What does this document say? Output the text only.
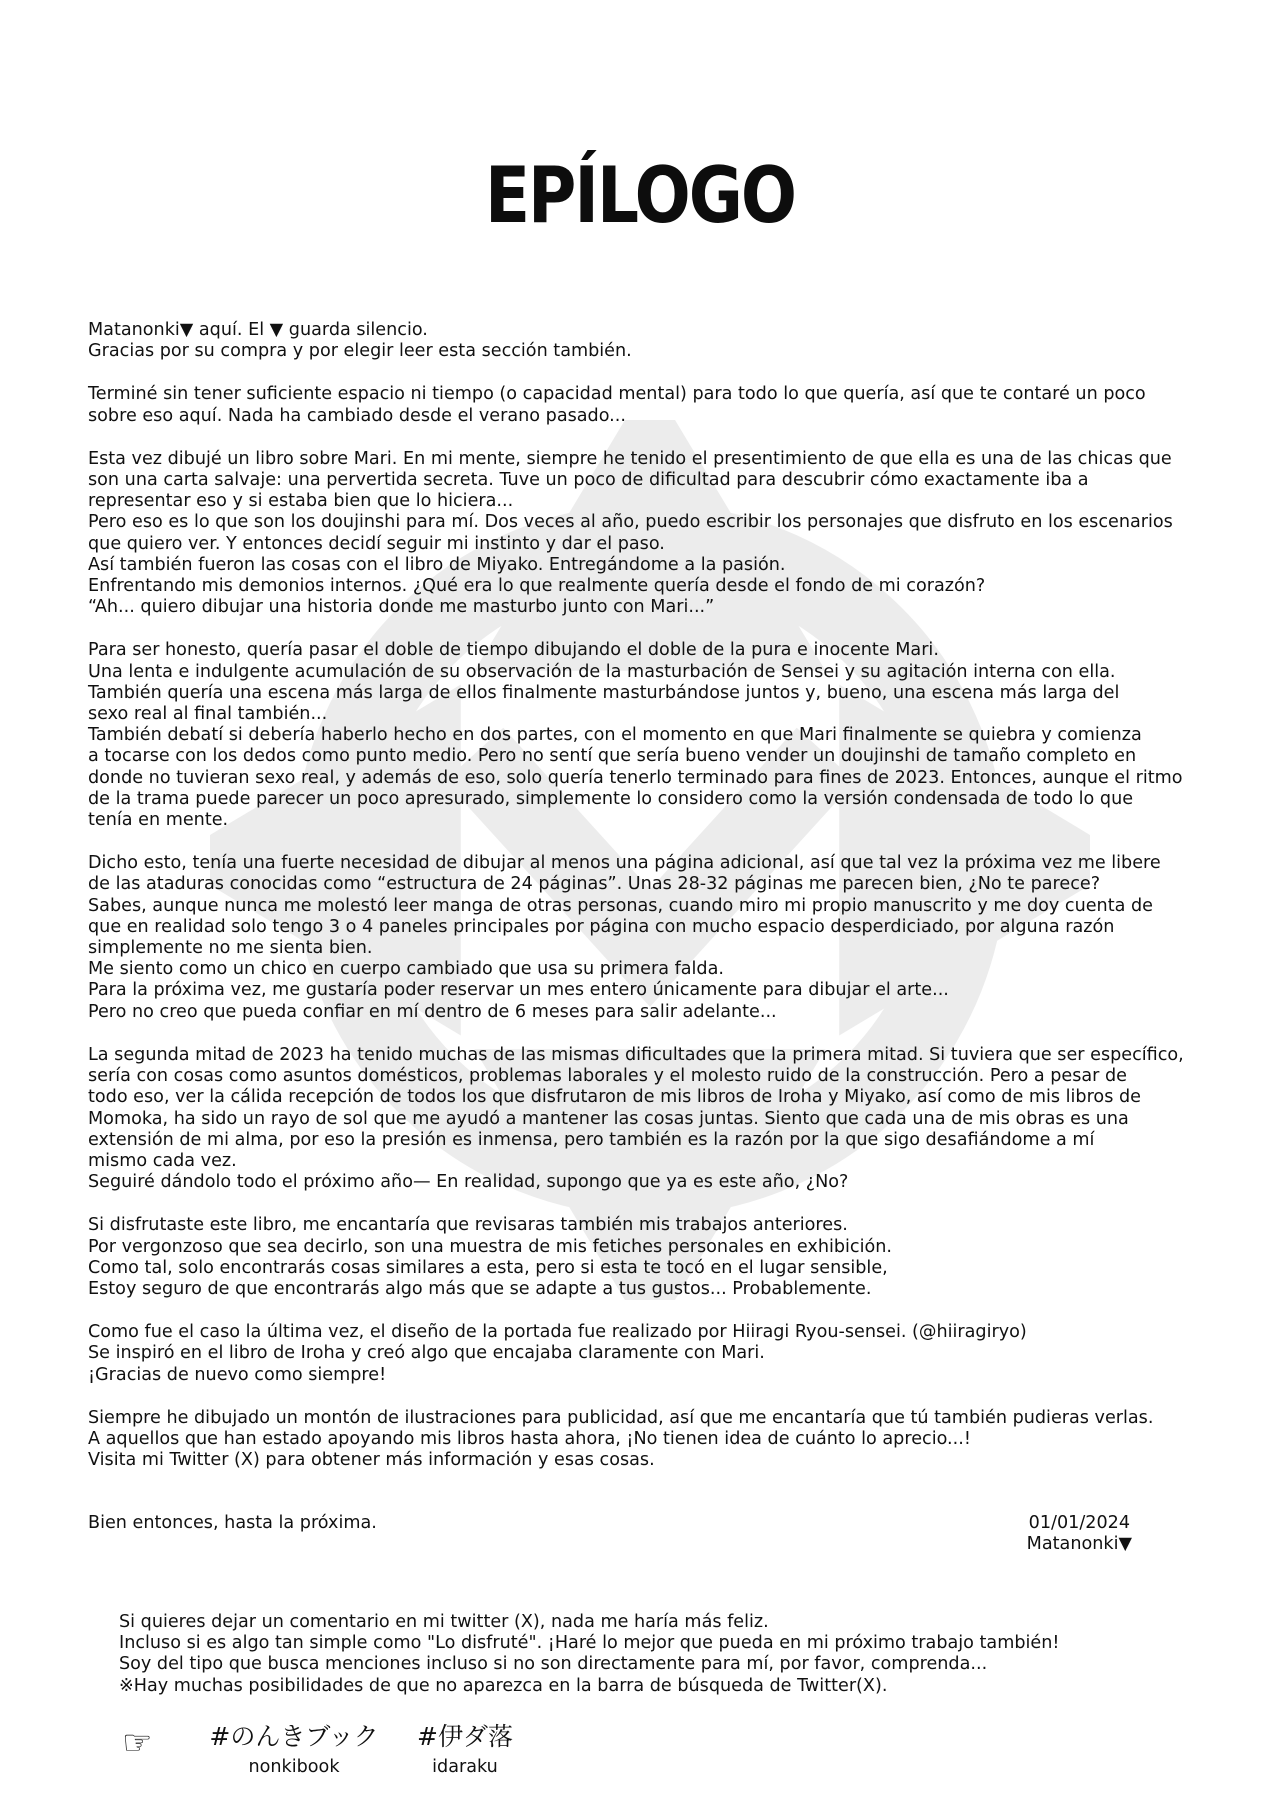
EPÍLOGO
Matanonki▼ aquí. El ▼ guarda silencio.
Gracias por su compra y por elegir leer esta sección también.
Terminé sin tener suficiente espacio ni tiempo (o capacidad mental) para todo lo que quería, así que te contaré un poco
sobre eso aquí. Nada ha cambiado desde el verano pasado...
Esta vez dibujé un libro sobre Mari. En mi mente, siempre he tenido el presentimiento de que ella es una de las chicas que
son una carta salvaje: una pervertida secreta. Tuve un poco de dificultad para descubrir cómo exactamente iba a
representar eso y si estaba bien que lo hiciera...
Pero eso es lo que son los doujinshi para mí. Dos veces al año, puedo escribir los personajes que disfruto en los escenarios
que quiero ver. Y entonces decidí seguir mi instinto y dar el paso.
Así también fueron las cosas con el libro de Miyako. Entregándome a la pasión.
Enfrentando mis demonios internos. ¿Qué era lo que realmente quería desde el fondo de mi corazón?
“Ah... quiero dibujar una historia donde me masturbo junto con Mari...”
Para ser honesto, quería pasar el doble de tiempo dibujando el doble de la pura e inocente Mari.
Una lenta e indulgente acumulación de su observación de la masturbación de Sensei y su agitación interna con ella.
También quería una escena más larga de ellos finalmente masturbándose juntos y, bueno, una escena más larga del
sexo real al final también...
También debatí si debería haberlo hecho en dos partes, con el momento en que Mari finalmente se quiebra y comienza
a tocarse con los dedos como punto medio. Pero no sentí que sería bueno vender un doujinshi de tamaño completo en
donde no tuvieran sexo real, y además de eso, solo quería tenerlo terminado para fines de 2023. Entonces, aunque el ritmo
de la trama puede parecer un poco apresurado, simplemente lo considero como la versión condensada de todo lo que
tenía en mente.
Dicho esto, tenía una fuerte necesidad de dibujar al menos una página adicional, así que tal vez la próxima vez me libere
de las ataduras conocidas como “estructura de 24 páginas”. Unas 28-32 páginas me parecen bien, ¿No te parece?
Sabes, aunque nunca me molestó leer manga de otras personas, cuando miro mi propio manuscrito y me doy cuenta de
que en realidad solo tengo 3 o 4 paneles principales por página con mucho espacio desperdiciado, por alguna razón
simplemente no me sienta bien.
Me siento como un chico en cuerpo cambiado que usa su primera falda.
Para la próxima vez, me gustaría poder reservar un mes entero únicamente para dibujar el arte...
Pero no creo que pueda confiar en mí dentro de 6 meses para salir adelante...
La segunda mitad de 2023 ha tenido muchas de las mismas dificultades que la primera mitad. Si tuviera que ser específico,
sería con cosas como asuntos domésticos, problemas laborales y el molesto ruido de la construcción. Pero a pesar de
todo eso, ver la cálida recepción de todos los que disfrutaron de mis libros de Iroha y Miyako, así como de mis libros de
Momoka, ha sido un rayo de sol que me ayudó a mantener las cosas juntas. Siento que cada una de mis obras es una
extensión de mi alma, por eso la presión es inmensa, pero también es la razón por la que sigo desafiándome a mí
mismo cada vez.
Seguiré dándolo todo el próximo año— En realidad, supongo que ya es este año, ¿No?
Si disfrutaste este libro, me encantaría que revisaras también mis trabajos anteriores.
Por vergonzoso que sea decirlo, son una muestra de mis fetiches personales en exhibición.
Como tal, solo encontrarás cosas similares a esta, pero si esta te tocó en el lugar sensible,
Estoy seguro de que encontrarás algo más que se adapte a tus gustos... Probablemente.
Como fue el caso la última vez, el diseño de la portada fue realizado por Hiiragi Ryou-sensei. (@hiiragiryo)
Se inspiró en el libro de Iroha y creó algo que encajaba claramente con Mari.
¡Gracias de nuevo como siempre!
Siempre he dibujado un montón de ilustraciones para publicidad, así que me encantaría que tú también pudieras verlas.
A aquellos que han estado apoyando mis libros hasta ahora, ¡No tienen idea de cuánto lo aprecio...!
Visita mi Twitter (X) para obtener más información y esas cosas.
Bien entonces, hasta la próxima.	01/01/2024
Matanonki▼
Si quieres dejar un comentario en mi twitter (X), nada me haría más feliz.
Incluso si es algo tan simple como "Lo disfruté". ¡Haré lo mejor que pueda en mi próximo trabajo también!
Soy del tipo que busca menciones incluso si no son directamente para mí, por favor, comprenda...
※Hay muchas posibilidades de que no aparezca en la barra de búsqueda de Twitter(X).
☞ #のんきブック
nonkibook
#伊ダ落
idaraku
